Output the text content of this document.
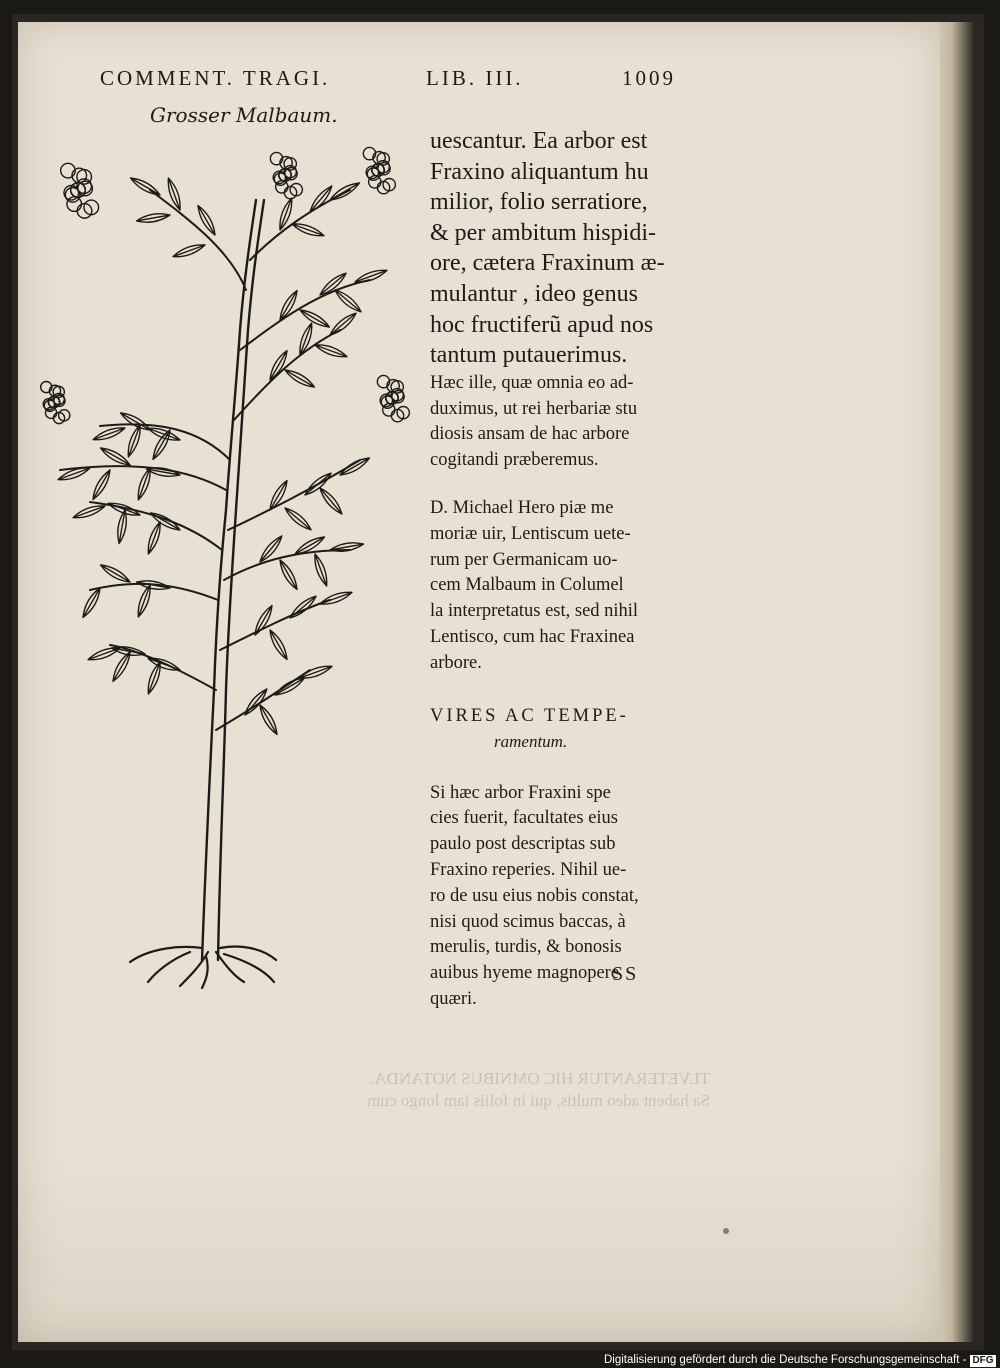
COMMENT. TRAGI.	LIB. III.	1009
Grosser Malbaum.
uescantur. Ea arbor est
Fraxino aliquantum hu
milior, folio serratiore,
& per ambitum hispidi-
ore, cætera Fraxinum æ-
mulantur , ideo genus
hoc fructiferũ apud nos
tantum putauerimus.
Hæc ille, quæ omnia eo ad-
duximus, ut rei herbariæ stu
diosis ansam de hac arbore
cogitandi præberemus.
D. Michael Hero piæ me
moriæ uir, Lentiscum uete-
rum per Germanicam uo-
cem Malbaum in Columel
la interpretatus est, sed nihil
Lentisco, cum hac Fraxinea
arbore.
VIRES AC TEMPE-
ramentum.
Si hæc arbor Fraxini spe
cies fuerit, facultates eius
paulo post descriptas sub
Fraxino reperies. Nihil ue-
ro de usu eius nobis constat,
nisi quod scimus baccas, à
merulis, turdis, & bonosis
auibus hyeme magnopere
quæri.
SS
TLVETERANTUR HIC OMNIBUS NOTANDA.
Sa habent adeo multis, qui in foliis iam longo cum
Digitalisierung gefördert durch die Deutsche Forschungsgemeinschaft - DFG
